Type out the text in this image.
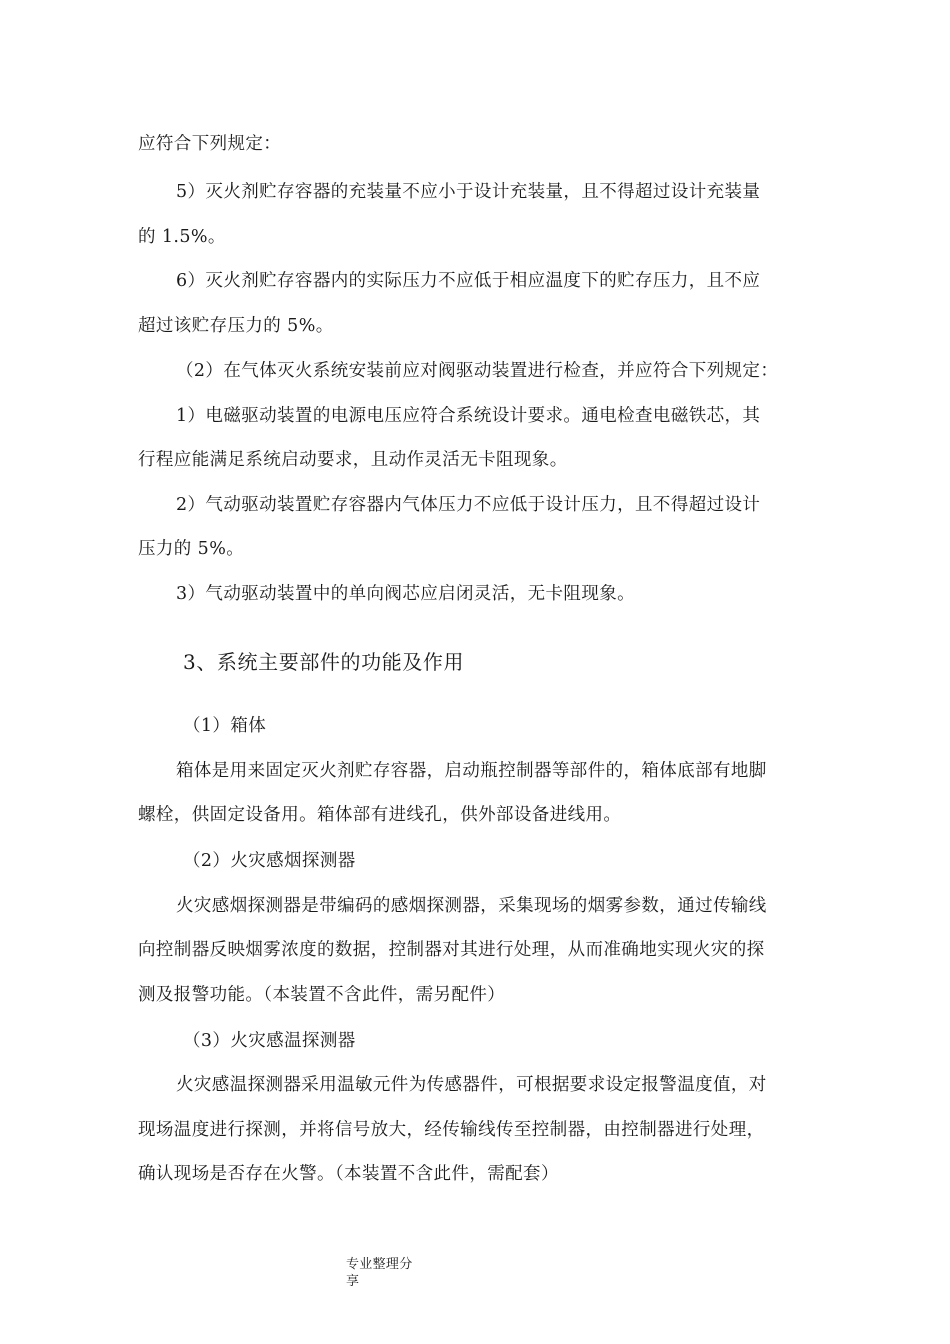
应符合下列规定：
5）灭火剂贮存容器的充装量不应小于设计充装量，且不得超过设计充装量
的 1.5%。
6）灭火剂贮存容器内的实际压力不应低于相应温度下的贮存压力，且不应
超过该贮存压力的 5%。
（2）在气体灭火系统安装前应对阀驱动装置进行检查，并应符合下列规定：
1）电磁驱动装置的电源电压应符合系统设计要求。通电检查电磁铁芯，其
行程应能满足系统启动要求，且动作灵活无卡阻现象。
2）气动驱动装置贮存容器内气体压力不应低于设计压力，且不得超过设计
压力的 5%。
3）气动驱动装置中的单向阀芯应启闭灵活，无卡阻现象。
3、系统主要部件的功能及作用
（1）箱体
箱体是用来固定灭火剂贮存容器，启动瓶控制器等部件的，箱体底部有地脚
螺栓，供固定设备用。箱体部有进线孔，供外部设备进线用。
（2）火灾感烟探测器
火灾感烟探测器是带编码的感烟探测器，采集现场的烟雾参数，通过传输线
向控制器反映烟雾浓度的数据，控制器对其进行处理，从而准确地实现火灾的探
测及报警功能。（本装置不含此件，需另配件）
（3）火灾感温探测器
火灾感温探测器采用温敏元件为传感器件，可根据要求设定报警温度值，对
现场温度进行探测，并将信号放大，经传输线传至控制器，由控制器进行处理，
确认现场是否存在火警。（本装置不含此件，需配套）
专业整理分
享
